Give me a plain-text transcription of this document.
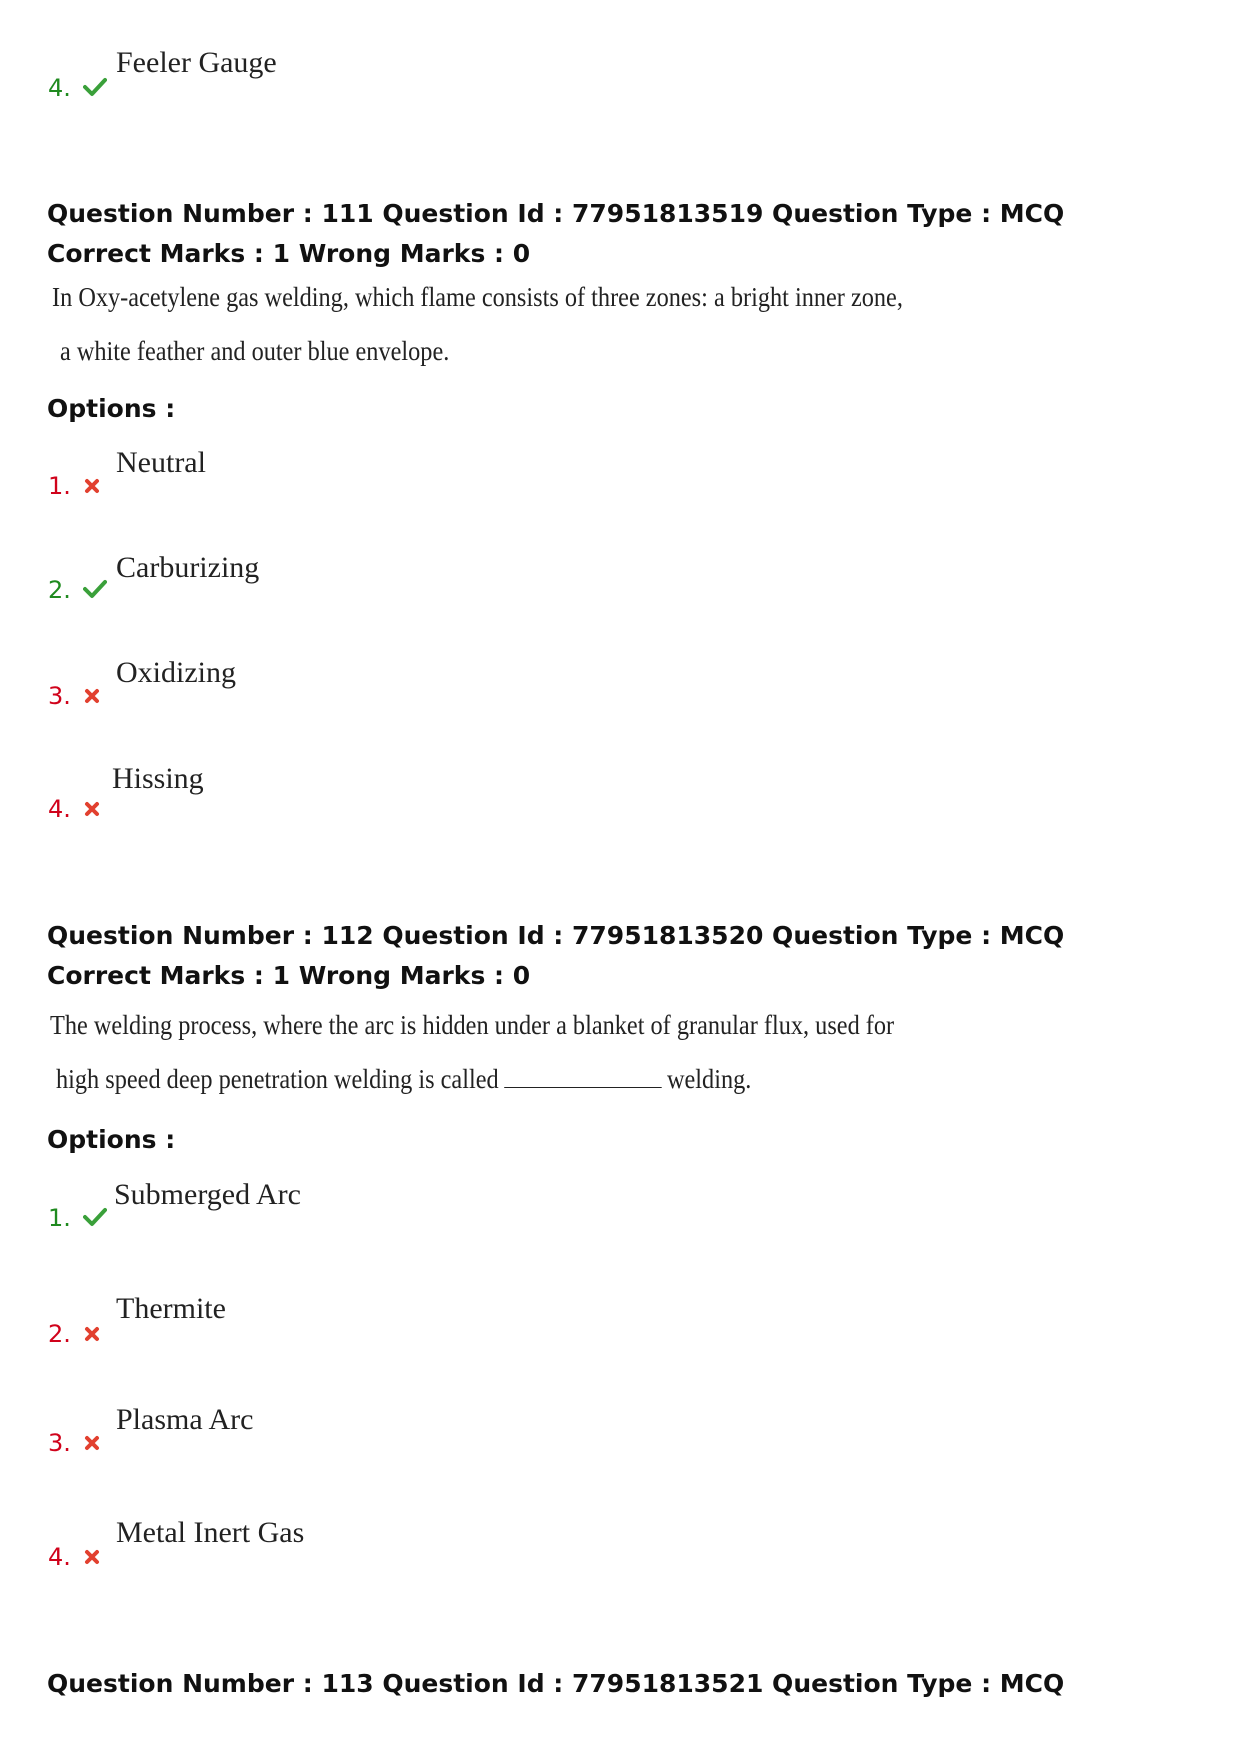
Feeler Gauge
4.
Question Number : 111 Question Id : 77951813519 Question Type : MCQ
Correct Marks : 1 Wrong Marks : 0
In Oxy-acetylene gas welding, which flame consists of three zones: a bright inner zone,
a white feather and outer blue envelope.
Options :
Neutral
1.
Carburizing
2.
Oxidizing
3.
Hissing
4.
Question Number : 112 Question Id : 77951813520 Question Type : MCQ
Correct Marks : 1 Wrong Marks : 0
The welding process, where the arc is hidden under a blanket of granular flux, used for
high speed deep penetration welding is called	welding.
Options :
Submerged Arc
1.
Thermite
2.
Plasma Arc
3.
Metal Inert Gas
4.
Question Number : 113 Question Id : 77951813521 Question Type : MCQ
